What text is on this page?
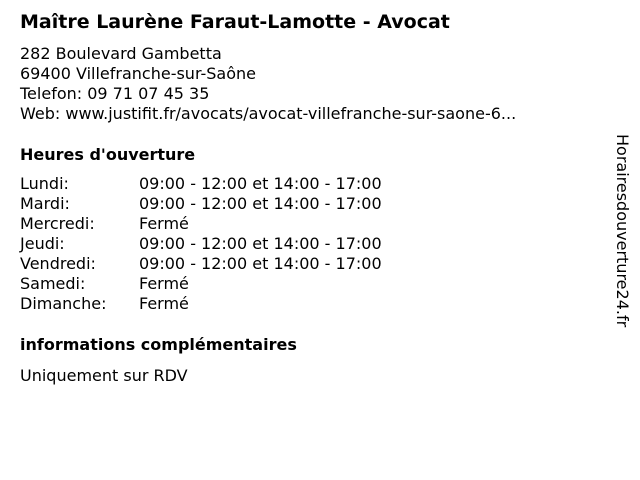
Maître Laurène Faraut-Lamotte - Avocat
282 Boulevard Gambetta
69400 Villefranche-sur-Saône
Telefon: 09 71 07 45 35
Web: www.justifit.fr/avocats/avocat-villefranche-sur-saone-6...
Heures d'ouverture
Lundi:	09:00 - 12:00 et 14:00 - 17:00
Mardi:	09:00 - 12:00 et 14:00 - 17:00
Mercredi:	Fermé
Jeudi:	09:00 - 12:00 et 14:00 - 17:00
Vendredi:	09:00 - 12:00 et 14:00 - 17:00
Samedi:	Fermé
Dimanche: Fermé
informations complémentaires
Uniquement sur RDV
Horairesdouverture24.fr
